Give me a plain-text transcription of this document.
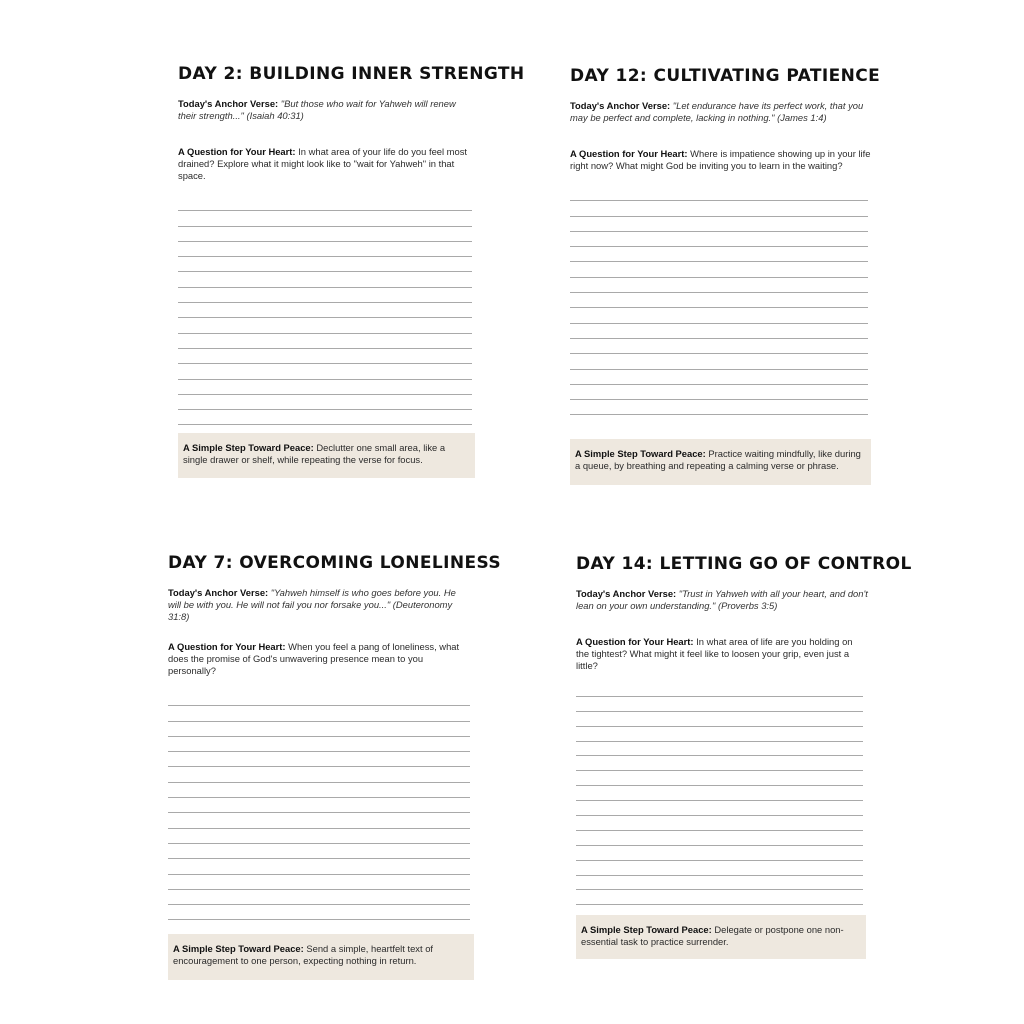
DAY 2: BUILDING INNER STRENGTH
Today's Anchor Verse: "But those who wait for Yahweh will renew their strength..." (Isaiah 40:31)
A Question for Your Heart: In what area of your life do you feel most drained? Explore what it might look like to "wait for Yahweh" in that space.
A Simple Step Toward Peace: Declutter one small area, like a single drawer or shelf, while repeating the verse for focus.
DAY 12: CULTIVATING PATIENCE
Today's Anchor Verse: "Let endurance have its perfect work, that you may be perfect and complete, lacking in nothing." (James 1:4)
A Question for Your Heart: Where is impatience showing up in your life right now? What might God be inviting you to learn in the waiting?
A Simple Step Toward Peace: Practice waiting mindfully, like during a queue, by breathing and repeating a calming verse or phrase.
DAY 7: OVERCOMING LONELINESS
Today's Anchor Verse: "Yahweh himself is who goes before you. He will be with you. He will not fail you nor forsake you..." (Deuteronomy 31:8)
A Question for Your Heart: When you feel a pang of loneliness, what does the promise of God's unwavering presence mean to you personally?
A Simple Step Toward Peace: Send a simple, heartfelt text of encouragement to one person, expecting nothing in return.
DAY 14: LETTING GO OF CONTROL
Today's Anchor Verse: "Trust in Yahweh with all your heart, and don't lean on your own understanding." (Proverbs 3:5)
A Question for Your Heart: In what area of life are you holding on the tightest? What might it feel like to loosen your grip, even just a little?
A Simple Step Toward Peace: Delegate or postpone one non-essential task to practice surrender.
